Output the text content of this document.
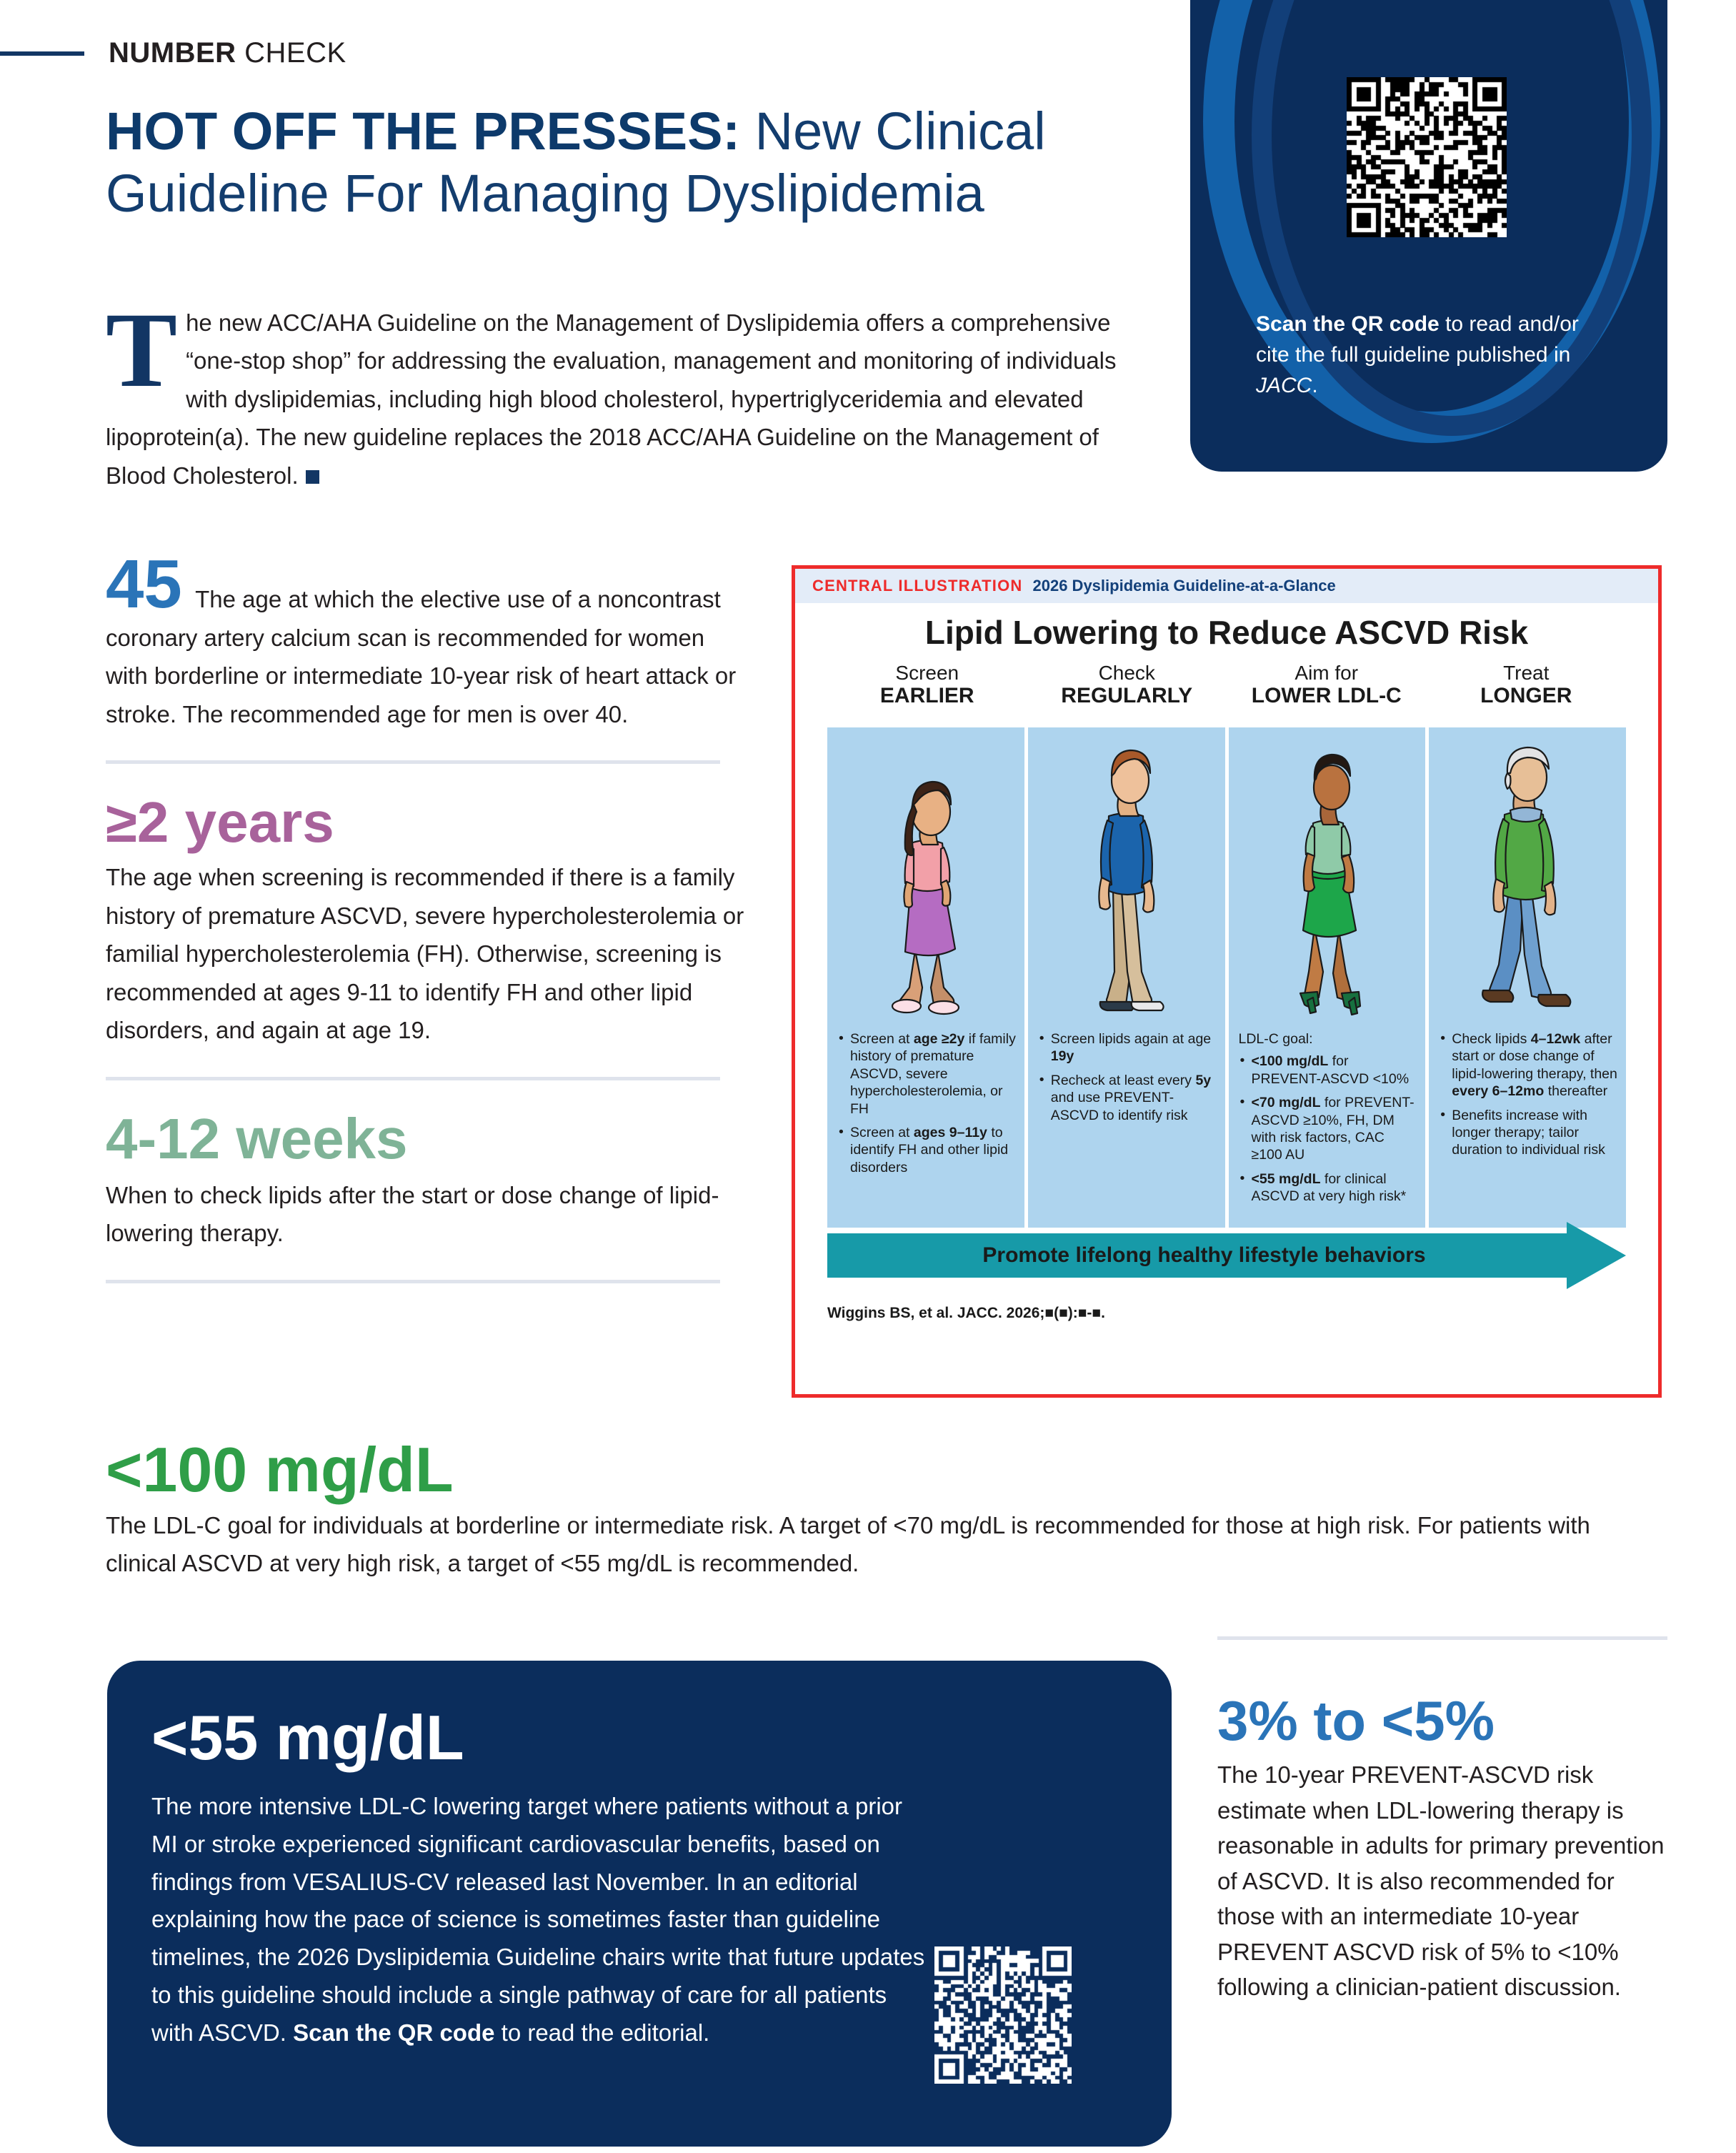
NUMBER CHECK
HOT OFF THE PRESSES: New Clinical Guideline For Managing Dyslipidemia
The new ACC/AHA Guideline on the Management of Dyslipidemia offers a comprehensive “one-stop shop” for addressing the evaluation, management and monitoring of individuals with dyslipidemias, including high blood cholesterol, hypertriglyceridemia and elevated lipoprotein(a). The new guideline replaces the 2018 ACC/AHA Guideline on the Management of Blood Cholesterol.
Scan the QR code to read and/or cite the full guideline published in JACC.
45 The age at which the elective use of a noncontrast coronary artery calcium scan is recommended for women with borderline or intermediate 10-year risk of heart attack or stroke. The recommended age for men is over 40.
≥2 years
The age when screening is recommended if there is a family history of premature ASCVD, severe hypercholesterolemia or familial hypercholesterolemia (FH). Otherwise, screening is recommended at ages 9-11 to identify FH and other lipid disorders, and again at age 19.
4-12 weeks
When to check lipids after the start or dose change of lipid-lowering therapy.
CENTRAL ILLUSTRATION 2026 Dyslipidemia Guideline-at-a-Glance
Lipid Lowering to Reduce ASCVD Risk
Screen
EARLIER
Check
REGULARLY
Aim for
LOWER LDL-C
Treat
LONGER
• Screen at age ≥2y if family history of premature ASCVD, severe hypercholesterolemia, or FH
• Screen at ages 9–11y to identify FH and other lipid disorders
• Screen lipids again at age 19y
• Recheck at least every 5y and use PREVENT-ASCVD to identify risk
LDL-C goal:
• <100 mg/dL for PREVENT-ASCVD <10%
• <70 mg/dL for PREVENT-ASCVD ≥10%, FH, DM with risk factors, CAC ≥100 AU
• <55 mg/dL for clinical ASCVD at very high risk*
• Check lipids 4–12wk after start or dose change of lipid-lowering therapy, then every 6–12mo thereafter
• Benefits increase with longer therapy; tailor duration to individual risk
Promote lifelong healthy lifestyle behaviors
Wiggins BS, et al. JACC. 2026;■(■):■-■.
<100 mg/dL
The LDL-C goal for individuals at borderline or intermediate risk. A target of <70 mg/dL is recommended for those at high risk. For patients with clinical ASCVD at very high risk, a target of <55 mg/dL is recommended.
<55 mg/dL
The more intensive LDL-C lowering target where patients without a prior MI or stroke experienced significant cardiovascular benefits, based on findings from VESALIUS-CV released last November. In an editorial explaining how the pace of science is sometimes faster than guideline timelines, the 2026 Dyslipidemia Guideline chairs write that future updates to this guideline should include a single pathway of care for all patients with ASCVD. Scan the QR code to read the editorial.
3% to <5%
The 10-year PREVENT-ASCVD risk estimate when LDL-lowering therapy is reasonable in adults for primary prevention of ASCVD. It is also recommended for those with an intermediate 10-year PREVENT ASCVD risk of 5% to <10% following a clinician-patient discussion.
